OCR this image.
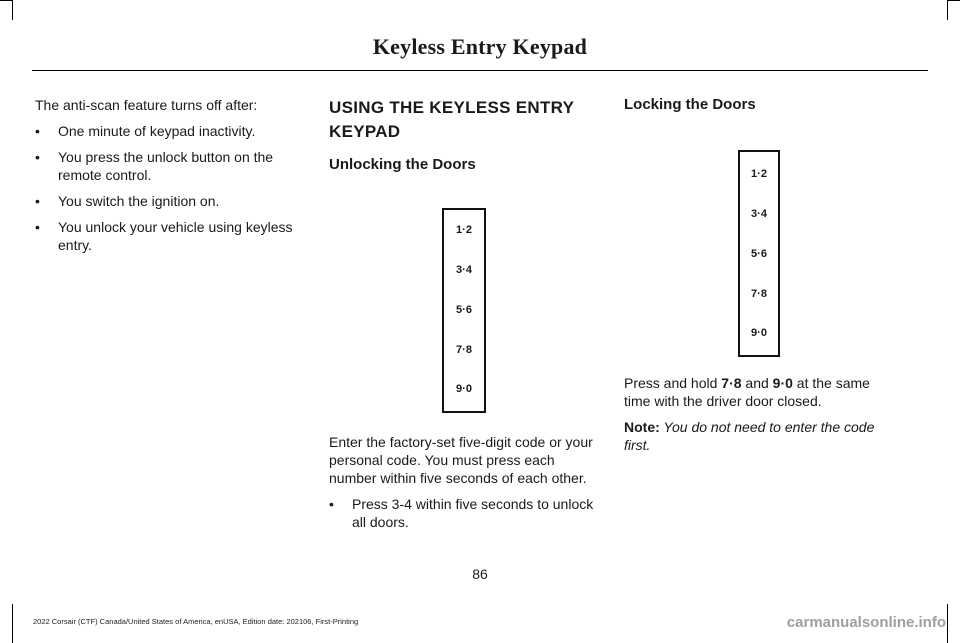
Keyless Entry Keypad

The anti-scan feature turns off after:

• One minute of keypad inactivity.
• You press the unlock button on the remote control.
• You switch the ignition on.
• You unlock your vehicle using keyless entry.
USING THE KEYLESS ENTRY
KEYPAD
Unlocking the Doors
1·2
3·4
5·6
7·8
9·0

Enter the factory-set five-digit code or your personal code. You must press each number within five seconds of each other.

• Press 3-4 within five seconds to unlock all doors.
Locking the Doors
1·2
3·4
5·6
7·8
9·0

Press and hold 7·8 and 9·0 at the same time with the driver door closed.

Note: You do not need to enter the code first.

86
2022 Corsair (CTF) Canada/United States of America, enUSA, Edition date: 202106, First-Printing	carmanualsonline.info
